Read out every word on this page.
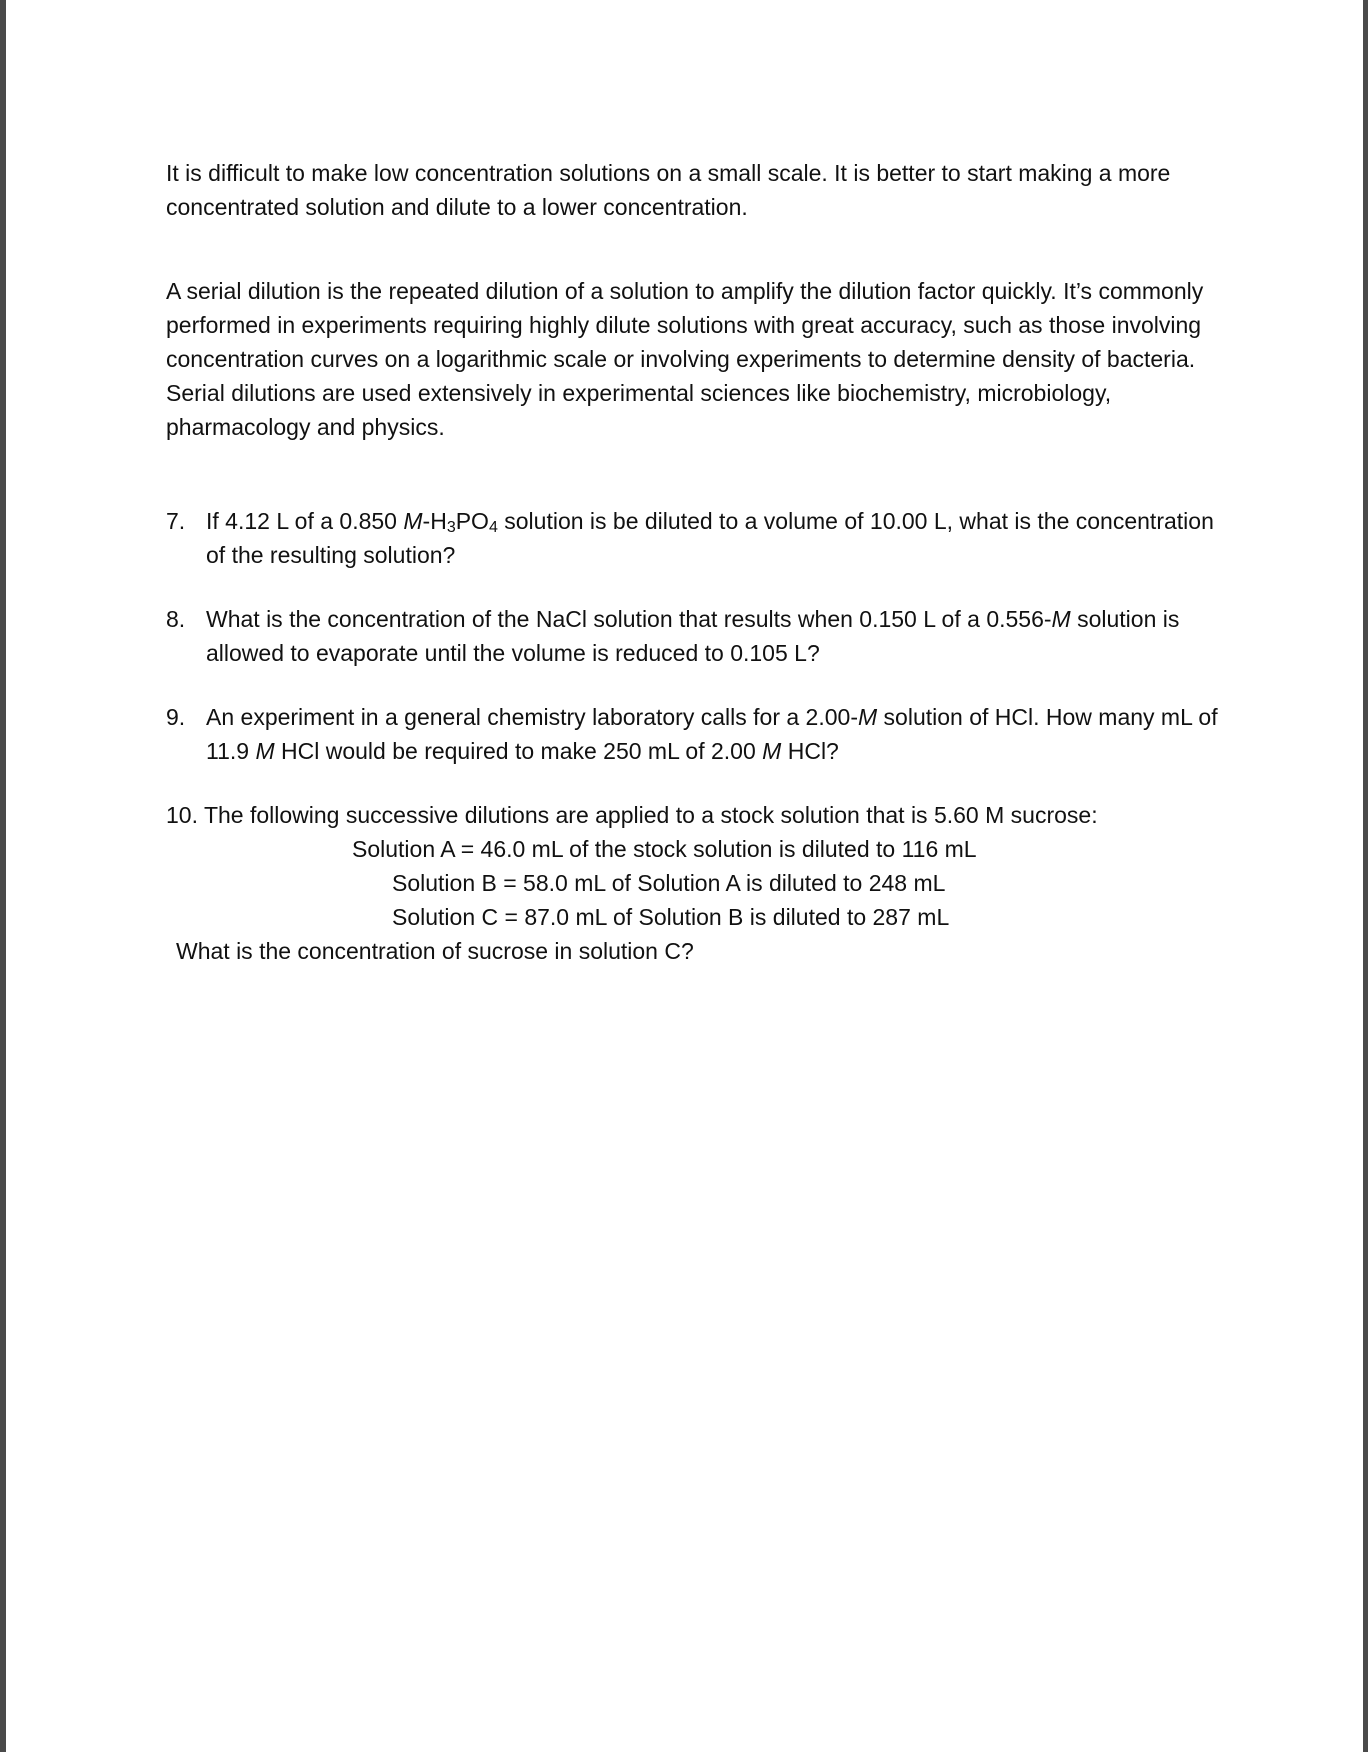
It is difficult to make low concentration solutions on a small scale. It is better to start making a more concentrated solution and dilute to a lower concentration.

A serial dilution is the repeated dilution of a solution to amplify the dilution factor quickly. It’s commonly performed in experiments requiring highly dilute solutions with great accuracy, such as those involving concentration curves on a logarithmic scale or involving experiments to determine density of bacteria. Serial dilutions are used extensively in experimental sciences like biochemistry, microbiology, pharmacology and physics.

7. If 4.12 L of a 0.850 $M-H_3PO_4$ solution is be diluted to a volume of 10.00 L, what is the concentration of the resulting solution?
8. What is the concentration of the NaCl solution that results when 0.150 L of a 0.556-M solution is allowed to evaporate until the volume is reduced to 0.105 L?
9. An experiment in a general chemistry laboratory calls for a 2.00-M solution of HCl. How many mL of 11.9 M HCl would be required to make 250 mL of 2.00 M HCl?
10. The following successive dilutions are applied to a stock solution that is 5.60 M sucrose:
Solution A = 46.0 mL of the stock solution is diluted to 116 mL
Solution B = 58.0 mL of Solution A is diluted to 248 mL
Solution C = 87.0 mL of Solution B is diluted to 287 mL
What is the concentration of sucrose in solution C?
